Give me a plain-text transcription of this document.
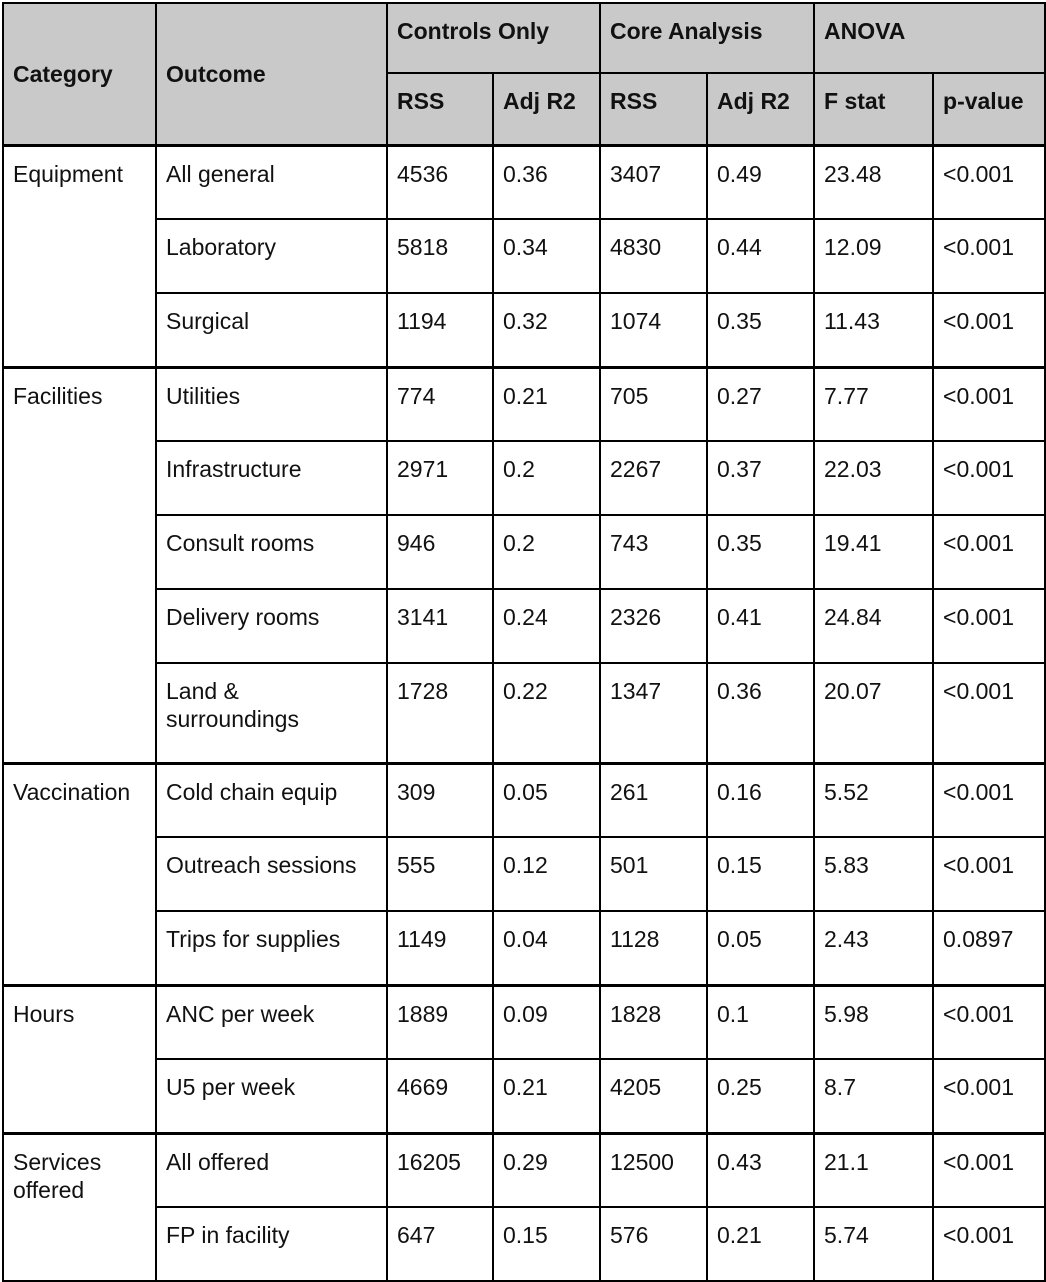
Category	Outcome	Controls Only		Core Analysis		ANOVA	
		RSS	Adj R2	RSS	Adj R2	F stat	p-value
Equipment	All general	4536	0.36	3407	0.49	23.48	<0.001
	Laboratory	5818	0.34	4830	0.44	12.09	<0.001
	Surgical	1194	0.32	1074	0.35	11.43	<0.001
Facilities	Utilities	774	0.21	705	0.27	7.77	<0.001
	Infrastructure	2971	0.2	2267	0.37	22.03	<0.001
	Consult rooms	946	0.2	743	0.35	19.41	<0.001
	Delivery rooms	3141	0.24	2326	0.41	24.84	<0.001
	Land & surroundings	1728	0.22	1347	0.36	20.07	<0.001
Vaccination	Cold chain equip	309	0.05	261	0.16	5.52	<0.001
	Outreach sessions	555	0.12	501	0.15	5.83	<0.001
	Trips for supplies	1149	0.04	1128	0.05	2.43	0.0897
Hours	ANC per week	1889	0.09	1828	0.1	5.98	<0.001
	U5 per week	4669	0.21	4205	0.25	8.7	<0.001
Services offered	All offered	16205	0.29	12500	0.43	21.1	<0.001
	FP in facility	647	0.15	576	0.21	5.74	<0.001
